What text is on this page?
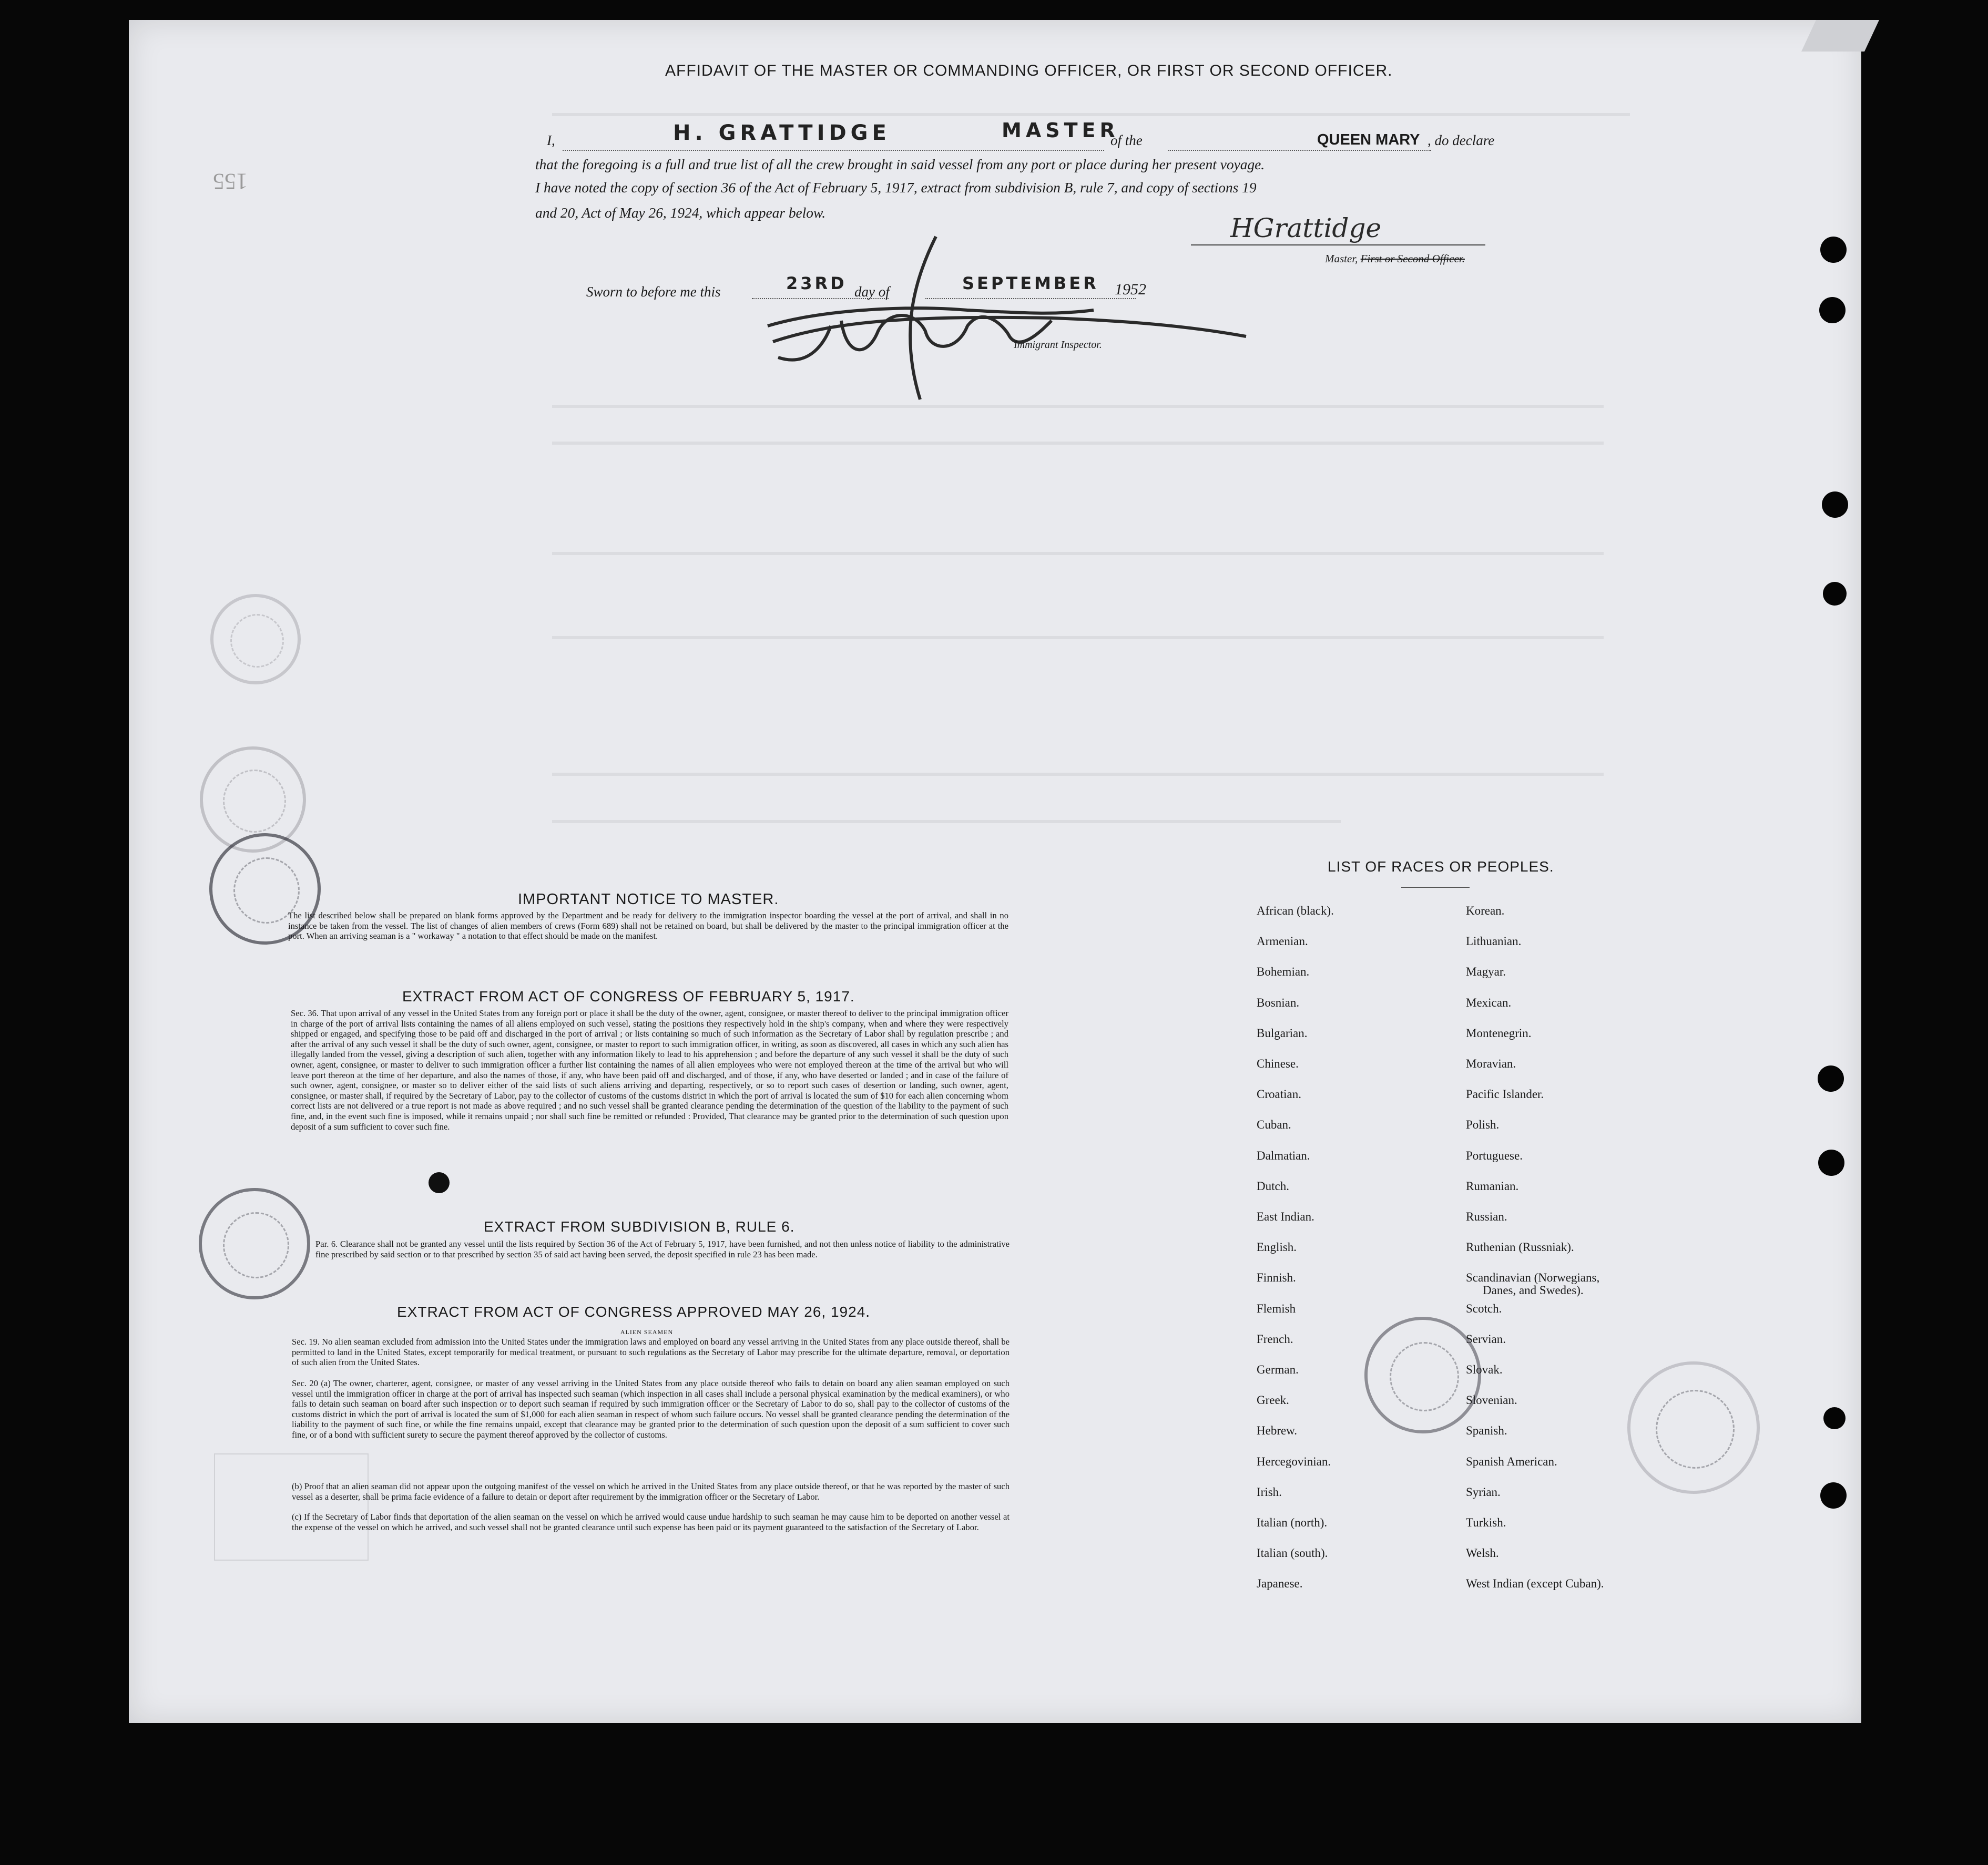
155
AFFIDAVIT OF THE MASTER OR COMMANDING OFFICER, OR FIRST OR SECOND OFFICER.
I,	H. GRATTIDGE	MASTER
of the	QUEEN MARY , do declare
that the foregoing is a full and true list of all the crew brought in said vessel from any port or place during her present voyage.
I have noted the copy of section 36 of the Act of February 5, 1917, extract from subdivision B, rule 7, and copy of sections 19
and 20, Act of May 26, 1924, which appear below.	HGrattidge
Master, First or Second Officer.
Sworn to before me this	23RD day of	SEPTEMBER 1952
Immigrant Inspector.
IMPORTANT NOTICE TO MASTER.
The list described below shall be prepared on blank forms approved by the Department and be ready for delivery to the immigration inspector boarding the vessel at the port of arrival, and shall in no instance be taken from the vessel. The list of changes of alien members of crews (Form 689) shall not be retained on board, but shall be delivered by the master to the principal immigration officer at the port. When an arriving seaman is a " workaway " a notation to that effect should be made on the manifest.
EXTRACT FROM ACT OF CONGRESS OF FEBRUARY 5, 1917.
Sec. 36. That upon arrival of any vessel in the United States from any foreign port or place it shall be the duty of the owner, agent, consignee, or master thereof to deliver to the principal immigration officer in charge of the port of arrival lists containing the names of all aliens employed on such vessel, stating the positions they respectively hold in the ship's company, when and where they were respectively shipped or engaged, and specifying those to be paid off and discharged in the port of arrival ; or lists containing so much of such information as the Secretary of Labor shall by regulation prescribe ; and after the arrival of any such vessel it shall be the duty of such owner, agent, consignee, or master to report to such immigration officer, in writing, as soon as discovered, all cases in which any such alien has illegally landed from the vessel, giving a description of such alien, together with any information likely to lead to his apprehension ; and before the departure of any such vessel it shall be the duty of such owner, agent, consignee, or master to deliver to such immigration officer a further list containing the names of all alien employees who were not employed thereon at the time of the arrival but who will leave port thereon at the time of her departure, and also the names of those, if any, who have been paid off and discharged, and of those, if any, who have deserted or landed ; and in case of the failure of such owner, agent, consignee, or master so to deliver either of the said lists of such aliens arriving and departing, respectively, or so to report such cases of desertion or landing, such owner, agent, consignee, or master shall, if required by the Secretary of Labor, pay to the collector of customs of the customs district in which the port of arrival is located the sum of $10 for each alien concerning whom correct lists are not delivered or a true report is not made as above required ; and no such vessel shall be granted clearance pending the determination of the question of the liability to the payment of such fine, and, in the event such fine is imposed, while it remains unpaid ; nor shall such fine be remitted or refunded : Provided, That clearance may be granted prior to the determination of such question upon deposit of a sum sufficient to cover such fine.
EXTRACT FROM SUBDIVISION B, RULE 6.
Par. 6. Clearance shall not be granted any vessel until the lists required by Section 36 of the Act of February 5, 1917, have been furnished, and not then unless notice of liability to the administrative fine prescribed by said section or to that prescribed by section 35 of said act having been served, the deposit specified in rule 23 has been made.
EXTRACT FROM ACT OF CONGRESS APPROVED MAY 26, 1924.
ALIEN SEAMEN
Sec. 19. No alien seaman excluded from admission into the United States under the immigration laws and employed on board any vessel arriving in the United States from any place outside thereof, shall be permitted to land in the United States, except temporarily for medical treatment, or pursuant to such regulations as the Secretary of Labor may prescribe for the ultimate departure, removal, or deportation of such alien from the United States.
Sec. 20 (a) The owner, charterer, agent, consignee, or master of any vessel arriving in the United States from any place outside thereof who fails to detain on board any alien seaman employed on such vessel until the immigration officer in charge at the port of arrival has inspected such seaman (which inspection in all cases shall include a personal physical examination by the medical examiners), or who fails to detain such seaman on board after such inspection or to deport such seaman if required by such immigration officer or the Secretary of Labor to do so, shall pay to the collector of customs of the customs district in which the port of arrival is located the sum of $1,000 for each alien seaman in respect of whom such failure occurs. No vessel shall be granted clearance pending the determination of the liability to the payment of such fine, or while the fine remains unpaid, except that clearance may be granted prior to the determination of such question upon the deposit of a sum sufficient to cover such fine, or of a bond with sufficient surety to secure the payment thereof approved by the collector of customs.
(b) Proof that an alien seaman did not appear upon the outgoing manifest of the vessel on which he arrived in the United States from any place outside thereof, or that he was reported by the master of such vessel as a deserter, shall be prima facie evidence of a failure to detain or deport after requirement by the immigration officer or the Secretary of Labor.
(c) If the Secretary of Labor finds that deportation of the alien seaman on the vessel on which he arrived would cause undue hardship to such seaman he may cause him to be deported on another vessel at the expense of the vessel on which he arrived, and such vessel shall not be granted clearance until such expense has been paid or its payment guaranteed to the satisfaction of the Secretary of Labor.
LIST OF RACES OR PEOPLES.
African (black).
Armenian.
Bohemian.
Bosnian.
Bulgarian.
Chinese.
Croatian.
Cuban.
Dalmatian.
Dutch.
East Indian.
English.
Finnish.
Flemish
French.
German.
Greek.
Hebrew.
Hercegovinian.
Irish.
Italian (north).
Italian (south).
Japanese.
Korean.
Lithuanian.
Magyar.
Mexican.
Montenegrin.
Moravian.
Pacific Islander.
Polish.
Portuguese.
Rumanian.
Russian.
Ruthenian (Russniak).
Scandinavian (Norwegians,
Scotch.
Servian.
Slovak.
Slovenian.
Spanish.
Spanish American.
Syrian.
Turkish.
Welsh.
West Indian (except Cuban).
Danes, and Swedes).
